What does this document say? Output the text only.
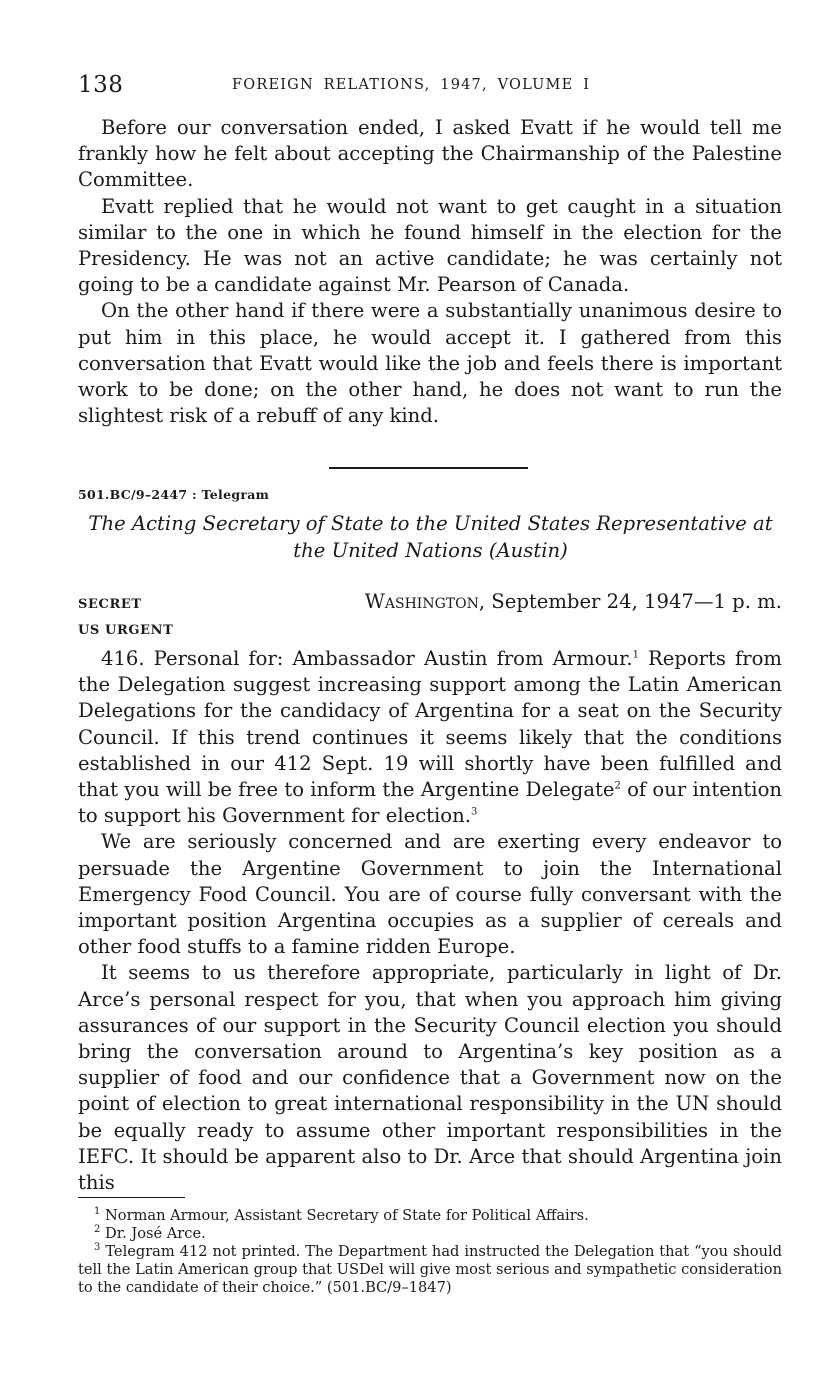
138	FOREIGN RELATIONS, 1947, VOLUME I

Before our conversation ended, I asked Evatt if he would tell me frankly how he felt about accepting the Chairmanship of the Palestine Committee.

Evatt replied that he would not want to get caught in a situation similar to the one in which he found himself in the election for the Presidency. He was not an active candidate; he was certainly not going to be a candidate against Mr. Pearson of Canada.

On the other hand if there were a substantially unanimous desire to put him in this place, he would accept it. I gathered from this conversation that Evatt would like the job and feels there is important work to be done; on the other hand, he does not want to run the slightest risk of a rebuff of any kind.

501.BC/9–2447 : Telegram
The Acting Secretary of State to the United States Representative at
the United Nations (Austin)
SECRET	Washington, September 24, 1947—1 p. m.
US URGENT

416. Personal for: Ambassador Austin from Armour.$^1$ Reports from the Delegation suggest increasing support among the Latin American Delegations for the candidacy of Argentina for a seat on the Security Council. If this trend continues it seems likely that the conditions established in our 412 Sept. 19 will shortly have been fulfilled and that you will be free to inform the Argentine Delegate$^2$ of our intention to support his Government for election.$^3$

We are seriously concerned and are exerting every endeavor to persuade the Argentine Government to join the International Emergency Food Council. You are of course fully conversant with the important position Argentina occupies as a supplier of cereals and other food stuffs to a famine ridden Europe.

It seems to us therefore appropriate, particularly in light of Dr. Arce’s personal respect for you, that when you approach him giving assurances of our support in the Security Council election you should bring the conversation around to Argentina’s key position as a supplier of food and our confidence that a Government now on the point of election to great international responsibility in the UN should be equally ready to assume other important responsibilities in the IEFC. It should be apparent also to Dr. Arce that should Argentina join this

$^1$ Norman Armour, Assistant Secretary of State for Political Affairs.

$^2$ Dr. José Arce.

$^3$ Telegram 412 not printed. The Department had instructed the Delegation that “you should tell the Latin American group that USDel will give most serious and sympathetic consideration to the candidate of their choice.” (501.BC/9–1847)
